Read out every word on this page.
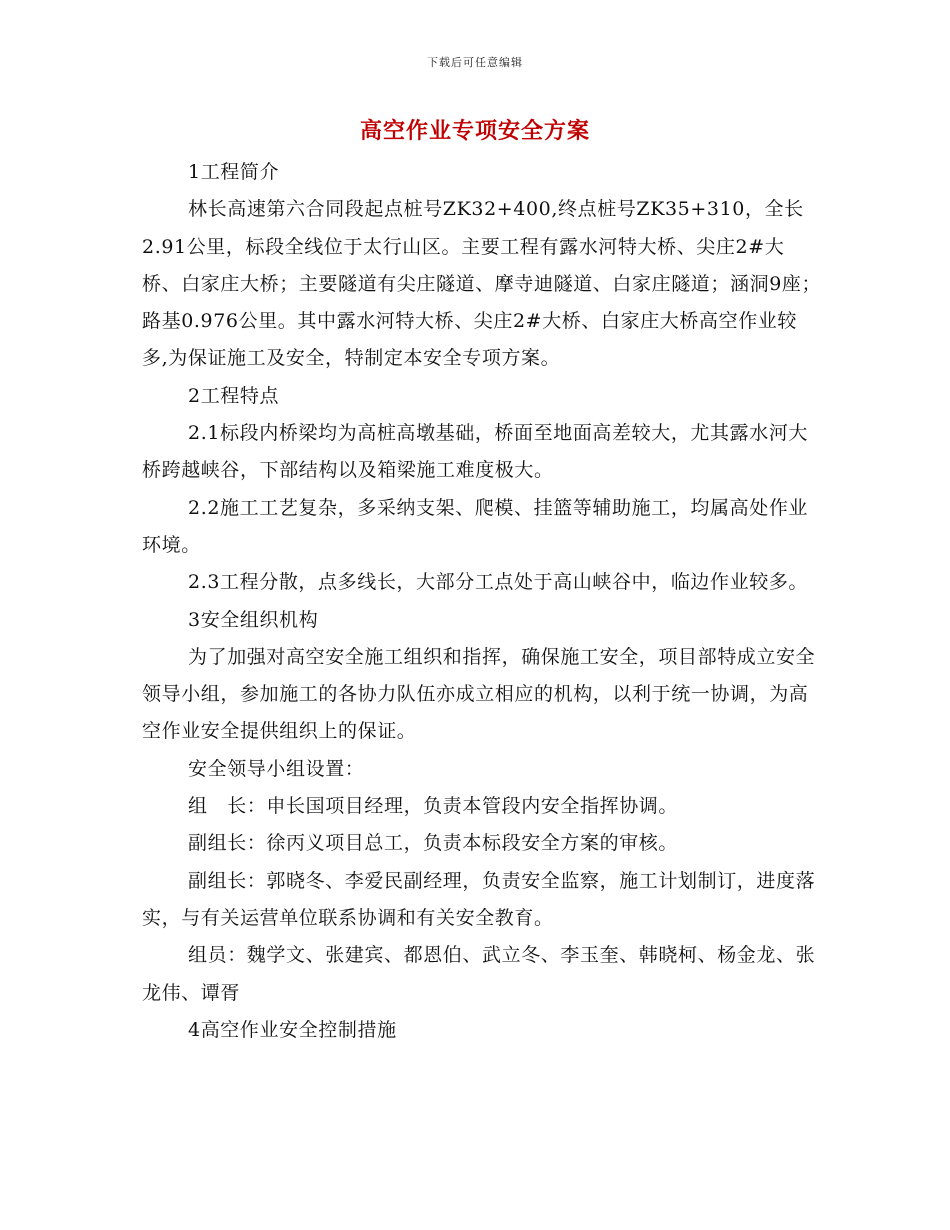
下载后可任意编辑
高空作业专项安全方案

1工程简介

林长高速第六合同段起点桩号ZK32+400,终点桩号ZK35+310，全长2.91公里，标段全线位于太行山区。主要工程有露水河特大桥、尖庄2#大桥、白家庄大桥；主要隧道有尖庄隧道、摩寺迪隧道、白家庄隧道；涵洞9座；路基0.976公里。其中露水河特大桥、尖庄2#大桥、白家庄大桥高空作业较多,为保证施工及安全，特制定本安全专项方案。

2工程特点

2.1标段内桥梁均为高桩高墩基础，桥面至地面高差较大，尤其露水河大桥跨越峡谷，下部结构以及箱梁施工难度极大。

2.2施工工艺复杂，多采纳支架、爬模、挂篮等辅助施工，均属高处作业环境。

2.3工程分散，点多线长，大部分工点处于高山峡谷中，临边作业较多。

3安全组织机构

为了加强对高空安全施工组织和指挥，确保施工安全，项目部特成立安全领导小组，参加施工的各协力队伍亦成立相应的机构，以利于统一协调，为高空作业安全提供组织上的保证。

安全领导小组设置：

组　长：申长国项目经理，负责本管段内安全指挥协调。

副组长：徐丙义项目总工，负责本标段安全方案的审核。

副组长：郭晓冬、李爱民副经理，负责安全监察，施工计划制订，进度落实，与有关运营单位联系协调和有关安全教育。

组员：魏学文、张建宾、都恩伯、武立冬、李玉奎、韩晓柯、杨金龙、张龙伟、谭胥

4高空作业安全控制措施
